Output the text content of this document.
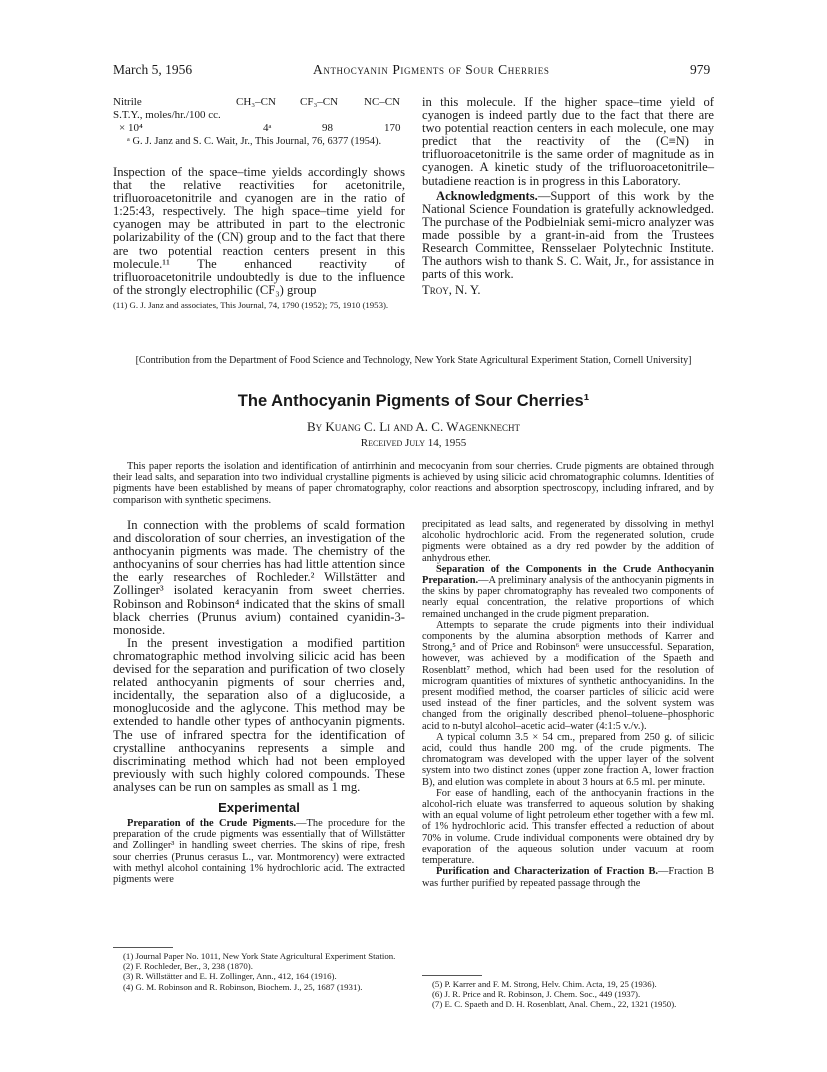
March 5, 1956	Anthocyanin Pigments of Sour Cherries	979
Nitrile	CH₃–CN CF₃–CN NC–CN
S.T.Y., moles/hr./100 cc.
× 10⁴	4ᵃ	98	170

ᵃ G. J. Janz and S. C. Wait, Jr., This Journal, 76, 6377 (1954).

Inspection of the space–time yields accordingly shows that the relative reactivities for acetonitrile, trifluoroacetonitrile and cyanogen are in the ratio of 1:25:43, respectively. The high space–time yield for cyanogen may be attributed in part to the electronic polarizability of the (CN) group and to the fact that there are two potential reaction centers present in this molecule.¹¹ The enhanced reactivity of trifluoroacetonitrile undoubtedly is due to the influence of the strongly electrophilic (CF₃) group

(11) G. J. Janz and associates, This Journal, 74, 1790 (1952); 75, 1910 (1953).

in this molecule. If the higher space–time yield of cyanogen is indeed partly due to the fact that there are two potential reaction centers in each molecule, one may predict that the reactivity of the (C≡N) in trifluoroacetonitrile is the same order of magnitude as in cyanogen. A kinetic study of the trifluoroacetonitrile–butadiene reaction is in progress in this Laboratory.

Acknowledgments.—Support of this work by the National Science Foundation is gratefully acknowledged. The purchase of the Podbielniak semi-micro analyzer was made possible by a grant-in-aid from the Trustees Research Committee, Rensselaer Polytechnic Institute. The authors wish to thank S. C. Wait, Jr., for assistance in parts of this work.

Troy, N. Y.

[Contribution from the Department of Food Science and Technology, New York State Agricultural Experiment Station, Cornell University]
The Anthocyanin Pigments of Sour Cherries¹
By Kuang C. Li and A. C. Wagenknecht
Received July 14, 1955
This paper reports the isolation and identification of antirrhinin and mecocyanin from sour cherries. Crude pigments are obtained through their lead salts, and separation into two individual crystalline pigments is achieved by using silicic acid chromatographic columns. Identities of pigments have been established by means of paper chromatography, color reactions and absorption spectroscopy, including infrared, and by comparison with synthetic specimens.

In connection with the problems of scald formation and discoloration of sour cherries, an investigation of the anthocyanin pigments was made. The chemistry of the anthocyanins of sour cherries has had little attention since the early researches of Rochleder.² Willstätter and Zollinger³ isolated keracyanin from sweet cherries. Robinson and Robinson⁴ indicated that the skins of small black cherries (Prunus avium) contained cyanidin-3-monoside.

In the present investigation a modified partition chromatographic method involving silicic acid has been devised for the separation and purification of two closely related anthocyanin pigments of sour cherries and, incidentally, the separation also of a diglucoside, a monoglucoside and the aglycone. This method may be extended to handle other types of anthocyanin pigments. The use of infrared spectra for the identification of crystalline anthocyanins represents a simple and discriminating method which had not been employed previously with such highly colored compounds. These analyses can be run on samples as small as 1 mg.

Experimental

Preparation of the Crude Pigments.—The procedure for the preparation of the crude pigments was essentially that of Willstätter and Zollinger³ in handling sweet cherries. The skins of ripe, fresh sour cherries (Prunus cerasus L., var. Montmorency) were extracted with methyl alcohol containing 1% hydrochloric acid. The extracted pigments were

(1) Journal Paper No. 1011, New York State Agricultural Experiment Station.

(2) F. Rochleder, Ber., 3, 238 (1870).

(3) R. Willstätter and E. H. Zollinger, Ann., 412, 164 (1916).

(4) G. M. Robinson and R. Robinson, Biochem. J., 25, 1687 (1931).

precipitated as lead salts, and regenerated by dissolving in methyl alcoholic hydrochloric acid. From the regenerated solution, crude pigments were obtained as a dry red powder by the addition of anhydrous ether.

Separation of the Components in the Crude Anthocyanin Preparation.—A preliminary analysis of the anthocyanin pigments in the skins by paper chromatography has revealed two components of nearly equal concentration, the relative proportions of which remained unchanged in the crude pigment preparation.

Attempts to separate the crude pigments into their individual components by the alumina absorption methods of Karrer and Strong,⁵ and of Price and Robinson⁶ were unsuccessful. Separation, however, was achieved by a modification of the Spaeth and Rosenblatt⁷ method, which had been used for the resolution of microgram quantities of mixtures of synthetic anthocyanidins. In the present modified method, the coarser particles of silicic acid were used instead of the finer particles, and the solvent system was changed from the originally described phenol–toluene–phosphoric acid to n-butyl alcohol–acetic acid–water (4:1:5 v./v.).

A typical column 3.5 × 54 cm., prepared from 250 g. of silicic acid, could thus handle 200 mg. of the crude pigments. The chromatogram was developed with the upper layer of the solvent system into two distinct zones (upper zone fraction A, lower fraction B), and elution was complete in about 3 hours at 6.5 ml. per minute.

For ease of handling, each of the anthocyanin fractions in the alcohol-rich eluate was transferred to aqueous solution by shaking with an equal volume of light petroleum ether together with a few ml. of 1% hydrochloric acid. This transfer effected a reduction of about 70% in volume. Crude individual components were obtained dry by evaporation of the aqueous solution under vacuum at room temperature.

Purification and Characterization of Fraction B.—Fraction B was further purified by repeated passage through the

(5) P. Karrer and F. M. Strong, Helv. Chim. Acta, 19, 25 (1936).

(6) J. R. Price and R. Robinson, J. Chem. Soc., 449 (1937).

(7) E. C. Spaeth and D. H. Rosenblatt, Anal. Chem., 22, 1321 (1950).
